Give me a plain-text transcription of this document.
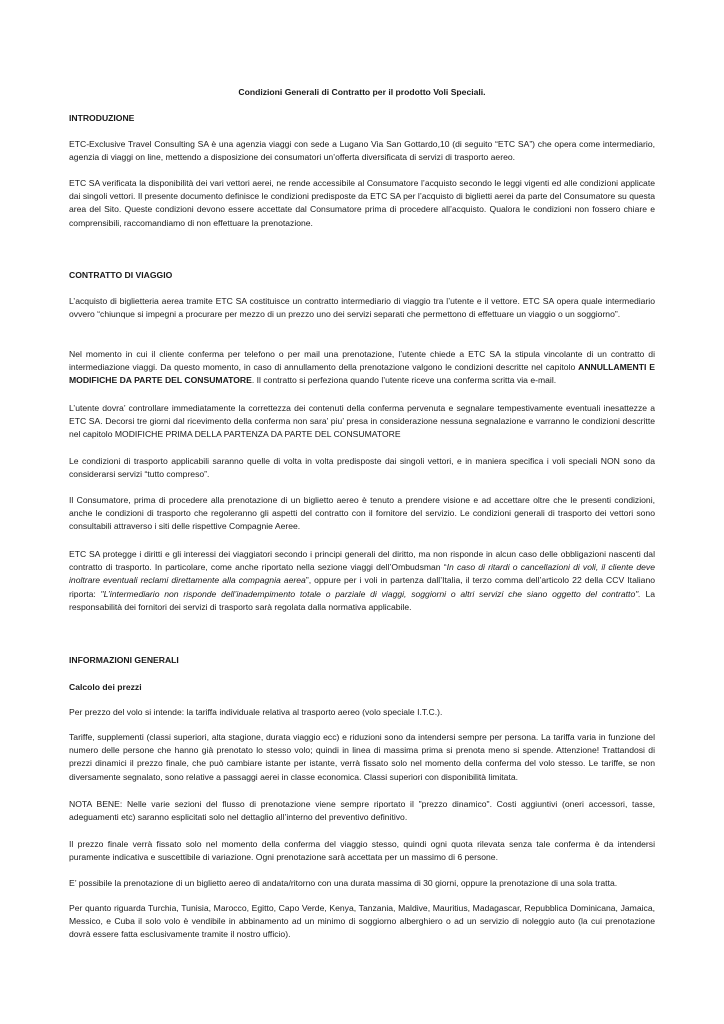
Condizioni Generali di Contratto per il prodotto Voli Speciali.
INTRODUZIONE
ETC-Exclusive Travel Consulting SA è una agenzia viaggi con sede a Lugano Via San Gottardo,10 (di seguito “ETC SA”) che opera come intermediario, agenzia di viaggi on line, mettendo a disposizione dei consumatori un’offerta diversificata di servizi di trasporto aereo.
ETC SA verificata la disponibilità dei vari vettori aerei, ne rende accessibile al Consumatore l’acquisto secondo le leggi vigenti ed alle condizioni applicate dai singoli vettori. Il presente documento definisce le condizioni predisposte da ETC SA per l’acquisto di biglietti aerei da parte del Consumatore su questa area del Sito. Queste condizioni devono essere accettate dal Consumatore prima di procedere all’acquisto. Qualora le condizioni non fossero chiare e comprensibili, raccomandiamo di non effettuare la prenotazione.
CONTRATTO DI VIAGGIO
L’acquisto di biglietteria aerea tramite ETC SA costituisce un contratto intermediario di viaggio tra l’utente e il vettore. ETC SA opera quale intermediario ovvero “chiunque si impegni a procurare per mezzo di un prezzo uno dei servizi separati che permettono di effettuare un viaggio o un soggiorno”.
Nel momento in cui il cliente conferma per telefono o per mail una prenotazione, l’utente chiede a ETC SA la stipula vincolante di un contratto di intermediazione viaggi. Da questo momento, in caso di annullamento della prenotazione valgono le condizioni descritte nel capitolo ANNULLAMENTI E MODIFICHE DA PARTE DEL CONSUMATORE. Il contratto si perfeziona quando l’utente riceve una conferma scritta via e-mail.
L’utente dovra’ controllare immediatamente la correttezza dei contenuti della conferma pervenuta e segnalare tempestivamente eventuali inesattezze a ETC SA. Decorsi tre giorni dal ricevimento della conferma non sara’ piu’ presa in considerazione nessuna segnalazione e varranno le condizioni descritte nel capitolo MODIFICHE PRIMA DELLA PARTENZA DA PARTE DEL CONSUMATORE
Le condizioni di trasporto applicabili saranno quelle di volta in volta predisposte dai singoli vettori, e in maniera specifica i voli speciali NON sono da considerarsi servizi “tutto compreso”.
Il Consumatore, prima di procedere alla prenotazione di un biglietto aereo è tenuto a prendere visione e ad accettare oltre che le presenti condizioni, anche le condizioni di trasporto che regoleranno gli aspetti del contratto con il fornitore del servizio. Le condizioni generali di trasporto dei vettori sono consultabili attraverso i siti delle rispettive Compagnie Aeree.
ETC SA protegge i diritti e gli interessi dei viaggiatori secondo i principi generali del diritto, ma non risponde in alcun caso delle obbligazioni nascenti dal contratto di trasporto. In particolare, come anche riportato nella sezione viaggi dell’Ombudsman “In caso di ritardi o cancellazioni di voli, il cliente deve inoltrare eventuali reclami direttamente alla compagnia aerea”, oppure per i voli in partenza dall’Italia, il terzo comma dell’articolo 22 della CCV Italiano riporta: "L’intermediario non risponde dell’inadempimento totale o parziale di viaggi, soggiorni o altri servizi che siano oggetto del contratto". La responsabilità dei fornitori dei servizi di trasporto sarà regolata dalla normativa applicabile.
INFORMAZIONI GENERALI
Calcolo dei prezzi
Per prezzo del volo si intende: la tariffa individuale relativa al trasporto aereo (volo speciale I.T.C.).
Tariffe, supplementi (classi superiori, alta stagione, durata viaggio ecc) e riduzioni sono da intendersi sempre per persona. La tariffa varia in funzione del numero delle persone che hanno già prenotato lo stesso volo; quindi in linea di massima prima si prenota meno si spende. Attenzione! Trattandosi di prezzi dinamici il prezzo finale, che può cambiare istante per istante, verrà fissato solo nel momento della conferma del volo stesso. Le tariffe, se non diversamente segnalato, sono relative a passaggi aerei in classe economica. Classi superiori con disponibilità limitata.
NOTA BENE: Nelle varie sezioni del flusso di prenotazione viene sempre riportato il "prezzo dinamico". Costi aggiuntivi (oneri accessori, tasse, adeguamenti etc) saranno esplicitati solo nel dettaglio all’interno del preventivo definitivo.
Il prezzo finale verrà fissato solo nel momento della conferma del viaggio stesso, quindi ogni quota rilevata senza tale conferma è da intendersi puramente indicativa e suscettibile di variazione. Ogni prenotazione sarà accettata per un massimo di 6 persone.
E’ possibile la prenotazione di un biglietto aereo di andata/ritorno con una durata massima di 30 giorni, oppure la prenotazione di una sola tratta.
Per quanto riguarda Turchia, Tunisia, Marocco, Egitto, Capo Verde, Kenya, Tanzania, Maldive, Mauritius, Madagascar, Repubblica Dominicana, Jamaica, Messico, e Cuba il solo volo è vendibile in abbinamento ad un minimo di soggiorno alberghiero o ad un servizio di noleggio auto (la cui prenotazione dovrà essere fatta esclusivamente tramite il nostro ufficio).
